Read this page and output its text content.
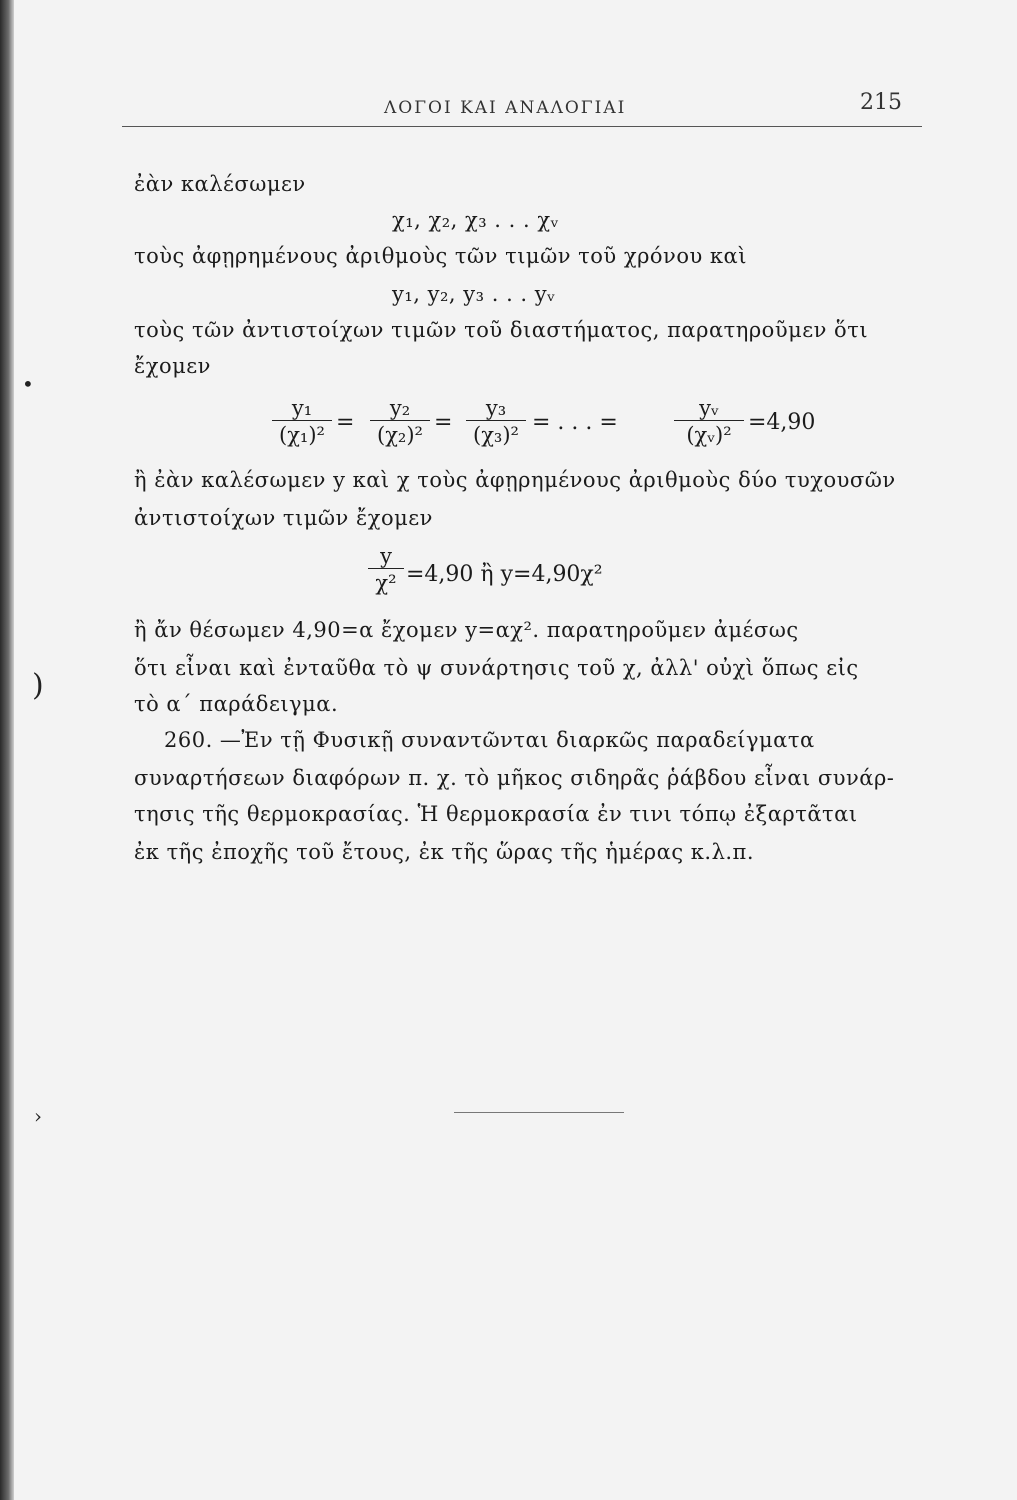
ΛΟΓΟΙ ΚΑΙ ΑΝΑΛΟΓΙΑΙ	215
ἐὰν καλέσωμεν
χ₁, χ₂, χ₃ . . . χᵥ
τοὺς ἀφῃρημένους ἀριθμοὺς τῶν τιμῶν τοῦ χρόνου καὶ
y₁, y₂, y₃ . . . yᵥ
τοὺς τῶν ἀντιστοίχων τιμῶν τοῦ διαστήματος, παρατηροῦμεν ὅτι
ἔχομεν
$\frac{\text{y₁}}{\text{(χ₁)²}} = \frac{\text{y₂}}{\text{(χ₂)²}} = \frac{\text{y₃}}{\text{(χ₃)²}}$ = . . . =	$\frac{\text{yᵥ}}{\text{(χᵥ)²}} =4,90$
ἢ ἐὰν καλέσωμεν y καὶ χ τοὺς ἀφῃρημένους ἀριθμοὺς δύο τυχουσῶν
ἀντιστοίχων τιμῶν ἔχομεν
$\frac{y}{\text{χ²}} =4,90$ ἢ y=4,90χ²
ἢ ἄν θέσωμεν 4,90=α ἔχομεν y=αχ². παρατηροῦμεν ἀμέσως
ὅτι εἶναι καὶ ἐνταῦθα τὸ ψ συνάρτησις τοῦ χ, ἀλλ' οὐχὶ ὅπως εἰς
τὸ α΄ παράδειγμα.
260. —Ἐν τῇ Φυσικῇ συναντῶνται διαρκῶς παραδείγματα
συναρτήσεων διαφόρων π. χ. τὸ μῆκος σιδηρᾶς ῥάβδου εἶναι συνάρ-
τησις τῆς θερμοκρασίας. Ἡ θερμοκρασία ἐν τινι τόπῳ ἐξαρτᾶται
ἐκ τῆς ἐποχῆς τοῦ ἔτους, ἐκ τῆς ὥρας τῆς ἡμέρας κ.λ.π.
•
)
›
